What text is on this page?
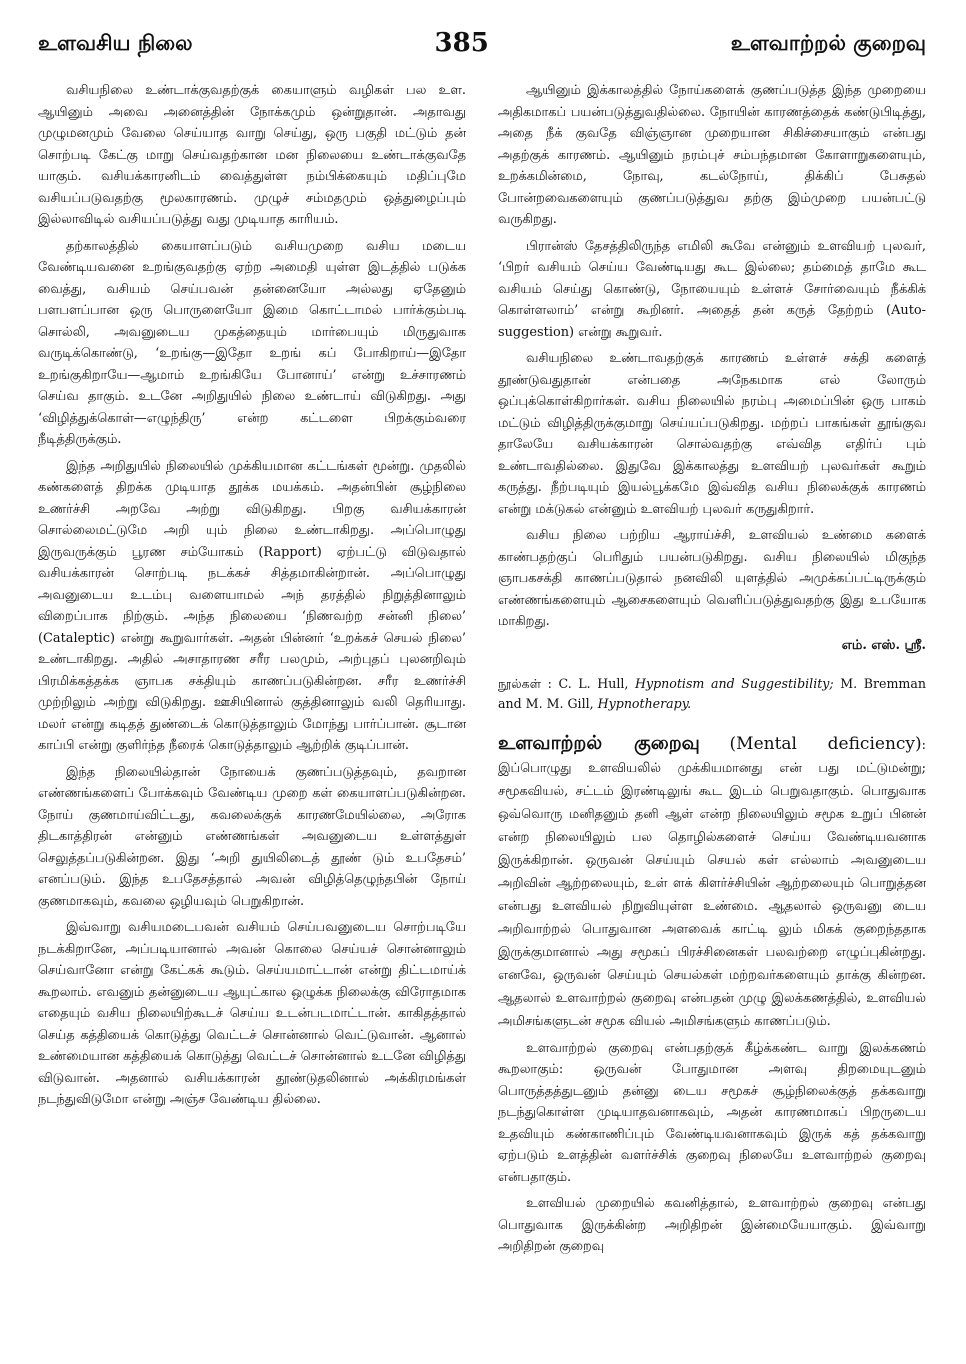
உளவசிய நிலை	385	உளவாற்றல் குறைவு

வசியநிலை உண்டாக்குவதற்குக் கையாளும் வழிகள் பல உள. ஆயினும் அவை அனைத்தின் நோக்கமும் ஒன்றுதான். அதாவது முழுமனமும் வேலை செய்யாத வாறு செய்து, ஒரு பகுதி மட்டும் தன் சொற்படி கேட்கு மாறு செய்வதற்கான மன நிலையை உண்டாக்குவதே யாகும். வசியக்காரனிடம் வைத்துள்ள நம்பிக்கையும் மதிப்புமே வசியப்படுவதற்கு மூலகாரணம். முழுச் சம்மதமும் ஒத்துழைப்பும் இல்லாவிடில் வசியப்படுத்து வது முடியாத காரியம்.

தற்காலத்தில் கையாளப்படும் வசியமுறை வசிய மடைய வேண்டியவனை உறங்குவதற்கு ஏற்ற அமைதி யுள்ள இடத்தில் படுக்க வைத்து, வசியம் செய்பவன் தன்னையோ அல்லது ஏதேனும் பளபளப்பான ஒரு பொருளையோ இமை கொட்டாமல் பார்க்கும்படி சொல்லி, அவனுடைய முகத்தையும் மார்பையும் மிருதுவாக வருடிக்கொண்டு, ‘உறங்கு—இதோ உறங் கப் போகிறாய்—இதோ உறங்குகிறாயே—ஆமாம் உறங்கியே போனாய்’ என்று உச்சாரணம் செய்வ தாகும். உடனே அறிதுயில் நிலை உண்டாய் விடுகிறது. அது ‘விழித்துக்கொள்—எழுந்திரு’ என்ற கட்டளை பிறக்கும்வரை நீடித்திருக்கும்.

இந்த அறிதுயில் நிலையில் முக்கியமான கட்டங்கள் மூன்று. முதலில் கண்களைத் திறக்க முடியாத தூக்க மயக்கம். அதன்பின் சூழ்நிலை உணர்ச்சி அறவே அற்று விடுகிறது. பிறகு வசியக்காரன் சொல்லைமட்டுமே அறி யும் நிலை உண்டாகிறது. அப்பொழுது இருவருக்கும் பூரண சம்யோகம் (Rapport) ஏற்பட்டு விடுவதால் வசியக்காரன் சொற்படி நடக்கச் சித்தமாகின்றான். அப்பொழுது அவனுடைய உடம்பு வளையாமல் அந் தரத்தில் நிறுத்தினாலும் விறைப்பாக நிற்கும். அந்த நிலையை ‘நிணவற்ற சன்னி நிலை’ (Cataleptic) என்று கூறுவார்கள். அதன் பின்னர் ‘உறக்கச் செயல் நிலை’ உண்டாகிறது. அதில் அசாதாரண சரீர பலமும், அற்புதப் புலனறிவும் பிரமிக்கத்தக்க ஞாபக சக்தியும் காணப்படுகின்றன. சரீர உணர்ச்சி முற்றிலும் அற்று விடுகிறது. ஊசியினால் குத்தினாலும் வலி தெரியாது. மலர் என்று கடிதத் துண்டைக் கொடுத்தாலும் மோந்து பார்ப்பான். சூடான காப்பி என்று குளிர்ந்த நீரைக் கொடுத்தாலும் ஆற்றிக் குடிப்பான்.

இந்த நிலையில்தான் நோயைக் குணப்படுத்தவும், தவறான எண்ணங்களைப் போக்கவும் வேண்டிய முறை கள் கையாளப்படுகின்றன. நோய் குணமாய்விட்டது, கவலைக்குக் காரணமேயில்லை, அரோக திடகாத்திரன் என்னும் எண்ணங்கள் அவனுடைய உள்ளத்துள் செலுத்தப்படுகின்றன. இது ‘அறி துயிலிடைத் தூண் டும் உபதேசம்’ எனப்படும். இந்த உபதேசத்தால் அவன் விழித்தெழுந்தபின் நோய் குணமாகவும், கவலை ஒழியவும் பெறுகிறான்.

இவ்வாறு வசியமடைபவன் வசியம் செய்பவனுடைய சொற்படியே நடக்கிறானே, அப்படியானால் அவன் கொலை செய்யச் சொன்னாலும் செய்வானோ என்று கேட்கக் கூடும். செய்யமாட்டான் என்று திட்டமாய்க் கூறலாம். எவனும் தன்னுடைய ஆயுட்கால ஒழுக்க நிலைக்கு விரோதமாக எதையும் வசிய நிலையிற்கூடச் செய்ய உடன்படமாட்டான். காகிதத்தால் செய்த கத்தியைக் கொடுத்து வெட்டச் சொன்னால் வெட்டுவான். ஆனால் உண்மையான கத்தியைக் கொடுத்து வெட்டச் சொன்னால் உடனே விழித்து விடுவான். அதனால் வசியக்காரன் தூண்டுதலினால் அக்கிரமங்கள் நடந்துவிடுமோ என்று அஞ்ச வேண்டிய தில்லை.

ஆயினும் இக்காலத்தில் நோய்களைக் குணப்படுத்த இந்த முறையை அதிகமாகப் பயன்படுத்துவதில்லை. நோயின் காரணத்தைக் கண்டுபிடித்து, அதை நீக் குவதே விஞ்ஞான முறையான சிகிச்சையாகும் என்பது அதற்குக் காரணம். ஆயினும் நரம்புச் சம்பந்தமான கோளாறுகளையும், உறக்கமின்மை, நோவு, கடல்நோய், திக்கிப் பேசுதல் போன்றவைகளையும் குணப்படுத்துவ தற்கு இம்முறை பயன்பட்டு வருகிறது.

பிரான்ஸ் தேசத்திலிருந்த எமிலி கூவே என்னும் உளவியற் புலவர், ‘பிறர் வசியம் செய்ய வேண்டியது கூட இல்லை; தம்மைத் தாமே கூட வசியம் செய்து கொண்டு, நோயையும் உள்ளச் சோர்வையும் நீக்கிக் கொள்ளலாம்’ என்று கூறினர். அதைத் தன் கருத் தேற்றம் (Auto-suggestion) என்று கூறுவர்.

வசியநிலை உண்டாவதற்குக் காரணம் உள்ளச் சக்தி களைத் தூண்டுவதுதான் என்பதை அநேகமாக எல் லோரும் ஒப்புக்கொள்கிறார்கள். வசிய நிலையில் நரம்பு அமைப்பின் ஒரு பாகம் மட்டும் விழித்திருக்குமாறு செய்யப்படுகிறது. மற்றப் பாகங்கள் தூங்குவ தாலேயே வசியக்காரன் சொல்வதற்கு எவ்வித எதிர்ப் பும் உண்டாவதில்லை. இதுவே இக்காலத்து உளவியற் புலவர்கள் கூறும் கருத்து. நீற்படியும் இயல்பூக்கமே இவ்வித வசிய நிலைக்குக் காரணம் என்று மக்டுகல் என்னும் உளவியற் புலவர் கருதுகிறார்.

வசிய நிலை பற்றிய ஆராய்ச்சி, உளவியல் உண்மை களைக் காண்பதற்குப் பெரிதும் பயன்படுகிறது. வசிய நிலையில் மிகுந்த ஞாபகசக்தி காணப்படுதால் நனவிலி யுளத்தில் அமுக்கப்பட்டிருக்கும் எண்ணங்களையும் ஆசைகளையும் வெளிப்படுத்துவதற்கு இது உபயோக மாகிறது.

எம். எஸ். ஸ்ரீ.
நூல்கள் : C. L. Hull, Hypnotism and Suggestibility; M. Bremman and M. M. Gill, Hypnotherapy.

உளவாற்றல் குறைவு (Mental deficiency): இப்பொழுது உளவியலில் முக்கியமானது என் பது மட்டுமன்று; சமூகவியல், சட்டம் இரண்டிலுங் கூட இடம் பெறுவதாகும். பொதுவாக ஒவ்வொரு மனிதனும் தனி ஆள் என்ற நிலையிலும் சமூக உறுப் பினன் என்ற நிலையிலும் பல தொழில்களைச் செய்ய வேண்டியவனாக இருக்கிறான். ஒருவன் செய்யும் செயல் கள் எல்லாம் அவனுடைய அறிவின் ஆற்றலையும், உள் ளக் கிளர்ச்சியின் ஆற்றலையும் பொறுத்தன என்பது உளவியல் நிறுவியுள்ள உண்மை. ஆதலால் ஒருவனு டைய அறிவாற்றல் பொதுவான அளவைக் காட்டி லும் மிகக் குறைந்ததாக இருக்குமானால் அது சமூகப் பிரச்சினைகள் பலவற்றை எழுப்புகின்றது. எனவே, ஒருவன் செய்யும் செயல்கள் மற்றவர்களையும் தாக்கு கின்றன. ஆதலால் உளவாற்றல் குறைவு என்பதன் முழு இலக்கணத்தில், உளவியல் அமிசங்களுடன் சமூக வியல் அமிசங்களும் காணப்படும்.

உளவாற்றல் குறைவு என்பதற்குக் கீழ்க்கண்ட வாறு இலக்கணம் கூறலாகும்: ஒருவன் போதுமான அளவு திறமையுடனும் பொருத்தத்துடனும் தன்னு டைய சமூகச் சூழ்நிலைக்குத் தக்கவாறு நடந்துகொள்ள முடியாதவனாகவும், அதன் காரணமாகப் பிறருடைய உதவியும் கண்காணிப்பும் வேண்டியவனாகவும் இருக் கத் தக்கவாறு ஏற்படும் உளத்தின் வளர்ச்சிக் குறைவு நிலையே உளவாற்றல் குறைவு என்பதாகும்.

உளவியல் முறையில் கவனித்தால், உளவாற்றல் குறைவு என்பது பொதுவாக இருக்கின்ற அறிதிறன் இன்மையேயாகும். இவ்வாறு அறிதிறன் குறைவு
